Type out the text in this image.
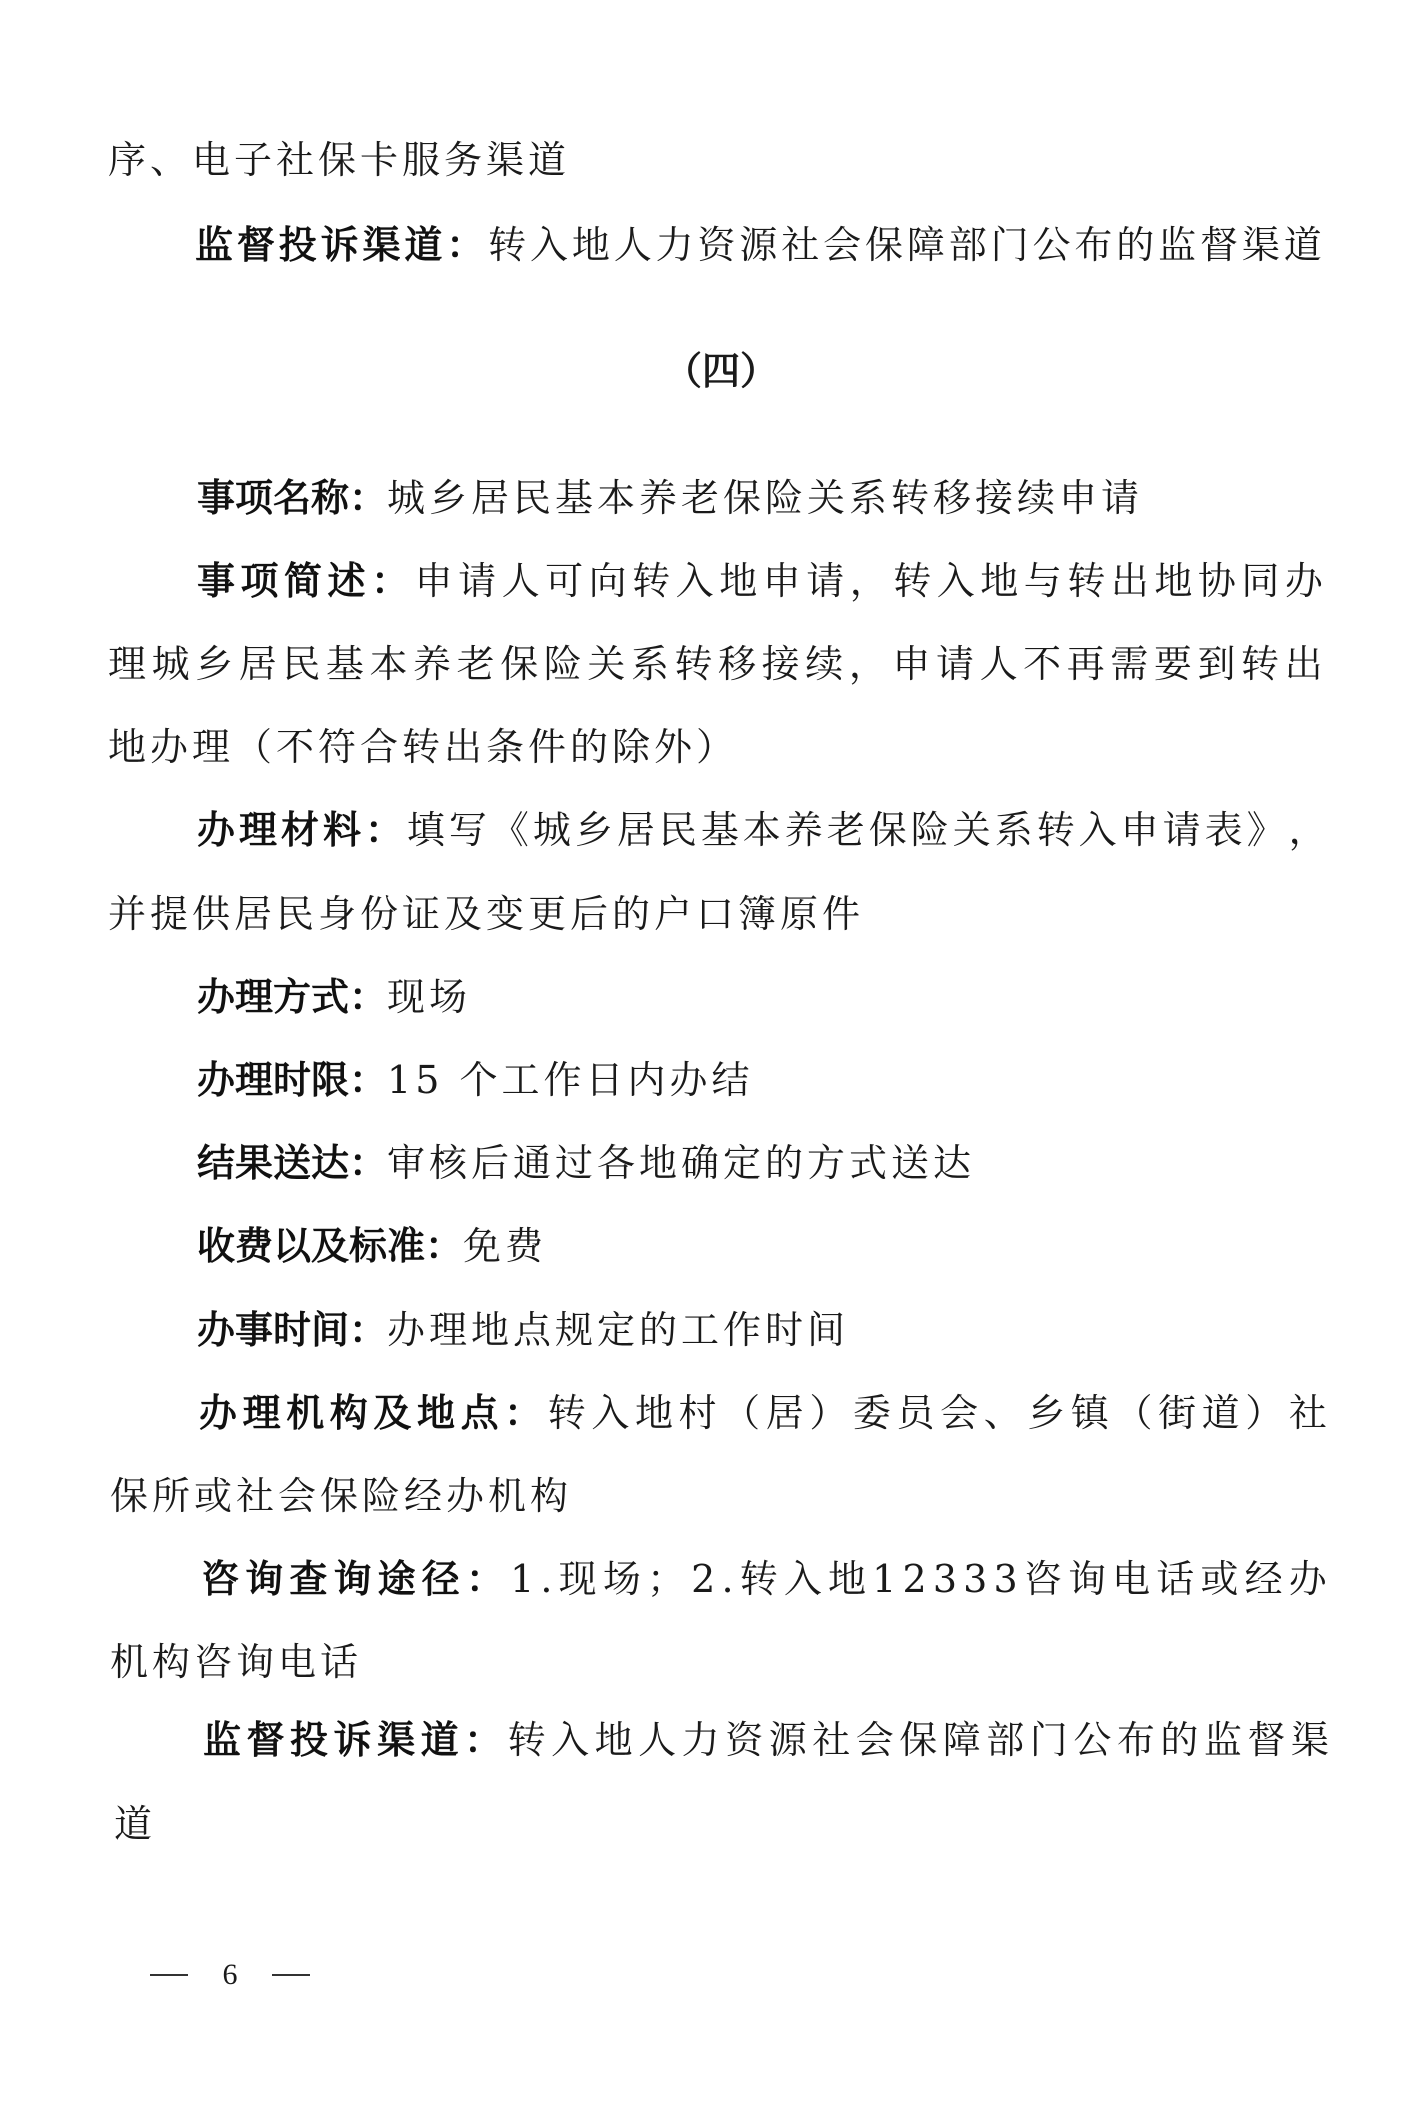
序、电子社保卡服务渠道
监 督 投 诉 渠 道 ： 转 入 地 人 力 资 源 社 会 保 障 部 门 公 布 的 监 督 渠 道
（四）
事项名称：城乡居民基本养老保险关系转移接续申请
事 项 简 述 ： 申 请 人 可 向 转 入 地 申 请 ， 转 入 地 与 转 出 地 协 同 办
理 城 乡 居 民 基 本 养 老 保 险 关 系 转 移 接 续 ， 申 请 人 不 再 需 要 到 转 出
地办理（不符合转出条件的除外）
办 理 材 料 ： 填 写 《 城 乡 居 民 基 本 养 老 保 险 关 系 转 入 申 请 表 》 ，
并提供居民身份证及变更后的户口簿原件
办理方式：现场
办理时限：15 个工作日内办结
结果送达：审核后通过各地确定的方式送达
收费以及标准：免费
办事时间：办理地点规定的工作时间
办 理 机 构 及 地 点 ： 转 入 地 村 （ 居 ） 委 员 会 、 乡 镇 （ 街 道 ） 社
保所或社会保险经办机构
咨 询 查 询 途 径 ： 1 . 现 场 ； 2 . 转 入 地 1 2 3 3 3 咨 询 电 话 或 经 办
机构咨询电话
监 督 投 诉 渠 道 ： 转 入 地 人 力 资 源 社 会 保 障 部 门 公 布 的 监 督 渠
道
6
